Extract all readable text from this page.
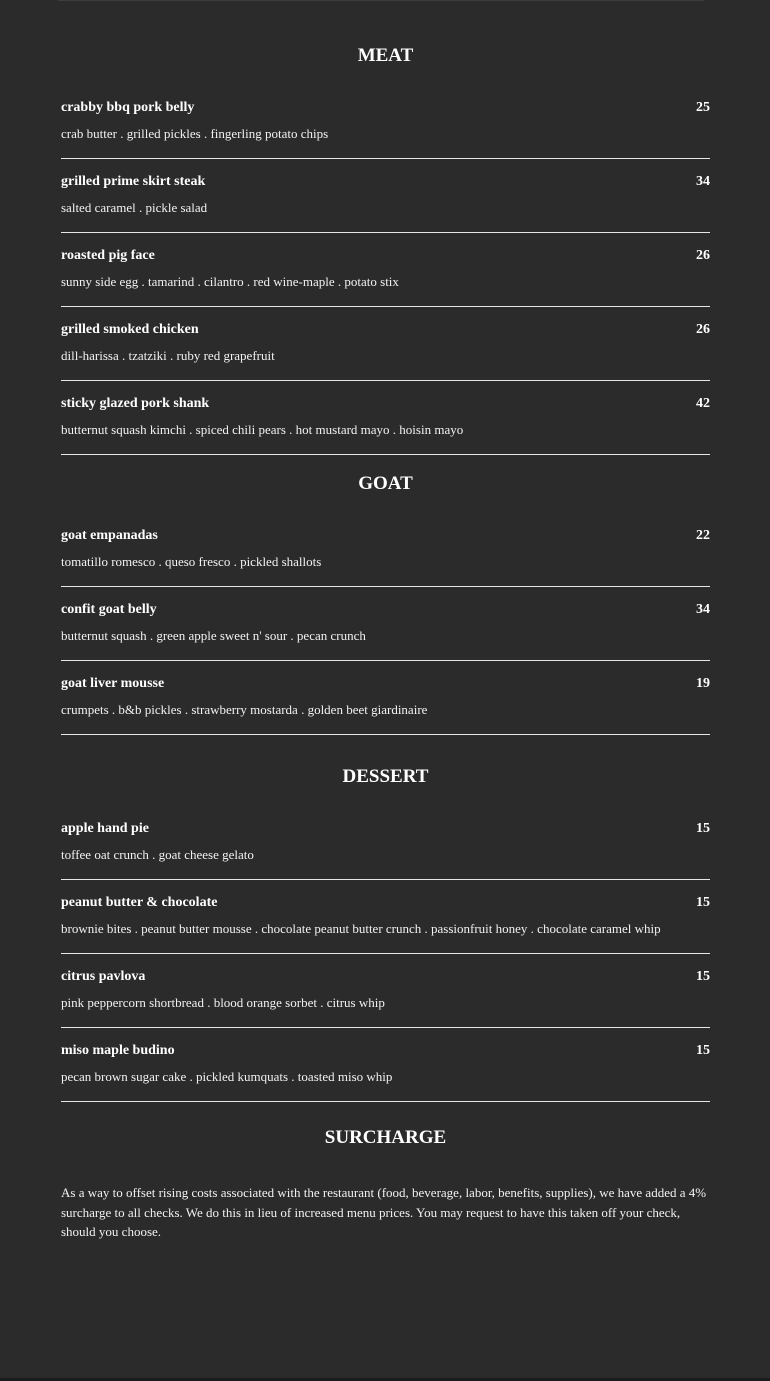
MEAT
crabby bbq pork belly	25
crab butter . grilled pickles . fingerling potato chips
grilled prime skirt steak	34
salted caramel . pickle salad
roasted pig face	26
sunny side egg . tamarind . cilantro . red wine-maple . potato stix
grilled smoked chicken	26
dill-harissa . tzatziki . ruby red grapefruit
sticky glazed pork shank	42
butternut squash kimchi . spiced chili pears . hot mustard mayo . hoisin mayo
GOAT
goat empanadas	22
tomatillo romesco . queso fresco . pickled shallots
confit goat belly	34
butternut squash . green apple sweet n' sour . pecan crunch
goat liver mousse	19
crumpets . b&b pickles . strawberry mostarda . golden beet giardinaire
DESSERT
apple hand pie	15
toffee oat crunch . goat cheese gelato
peanut butter & chocolate	15
brownie bites . peanut butter mousse . chocolate peanut butter crunch . passionfruit honey . chocolate caramel whip
citrus pavlova	15
pink peppercorn shortbread . blood orange sorbet . citrus whip
miso maple budino	15
pecan brown sugar cake . pickled kumquats . toasted miso whip
SURCHARGE

As a way to offset rising costs associated with the restaurant (food, beverage, labor, benefits, supplies), we have added a 4% surcharge to all checks. We do this in lieu of increased menu prices. You may request to have this taken off your check, should you choose.
